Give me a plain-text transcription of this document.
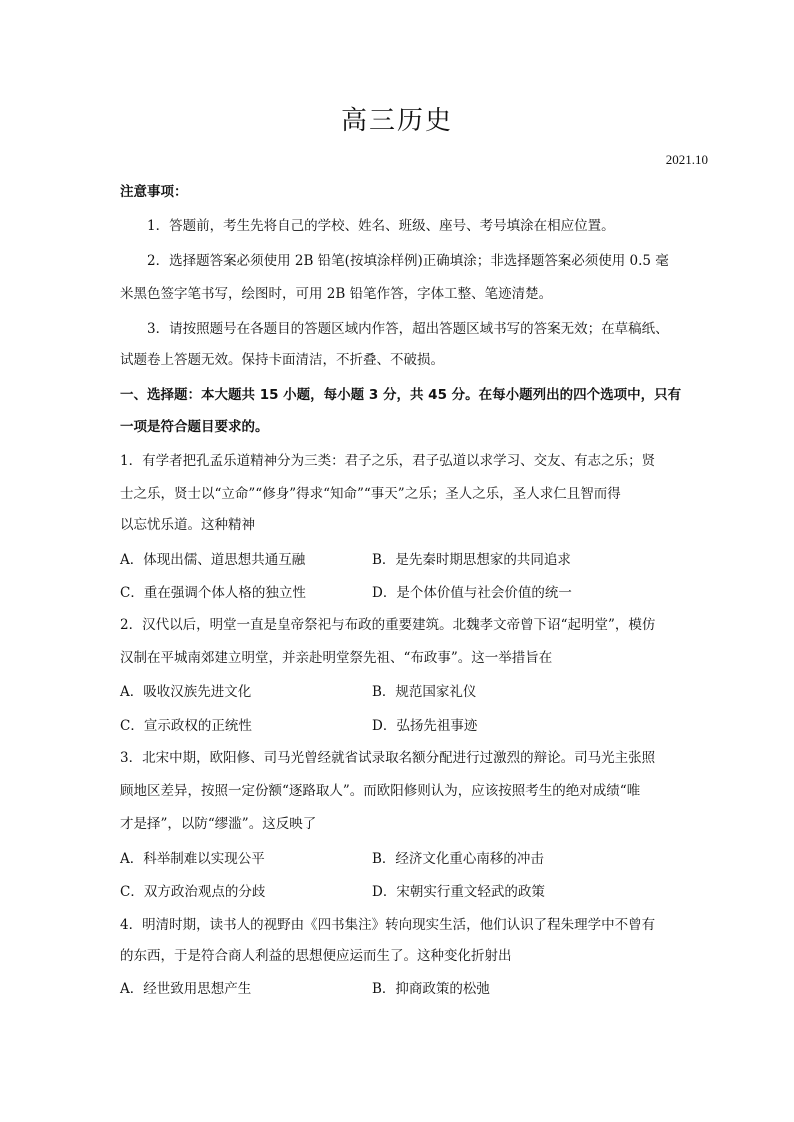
高三历史
2021.10
注意事项：
1．答题前，考生先将自己的学校、姓名、班级、座号、考号填涂在相应位置。
2．选择题答案必须使用 2B 铅笔(按填涂样例)正确填涂；非选择题答案必须使用 0.5 毫
米黑色签字笔书写，绘图时，可用 2B 铅笔作答，字体工整、笔迹清楚。
3．请按照题号在各题目的答题区域内作答，超出答题区域书写的答案无效；在草稿纸、
试题卷上答题无效。保持卡面清洁，不折叠、不破损。
一、选择题：本大题共 15 小题，每小题 3 分，共 45 分。在每小题列出的四个选项中，只有
一项是符合题目要求的。
1．有学者把孔孟乐道精神分为三类：君子之乐，君子弘道以求学习、交友、有志之乐；贤
士之乐，贤士以“立命”“修身”得求“知命”“事天”之乐；圣人之乐，圣人求仁且智而得
以忘忧乐道。这种精神
A．体现出儒、道思想共通互融	B．是先秦时期思想家的共同追求
C．重在强调个体人格的独立性	D．是个体价值与社会价值的统一
2．汉代以后，明堂一直是皇帝祭祀与布政的重要建筑。北魏孝文帝曾下诏“起明堂”，模仿
汉制在平城南郊建立明堂，并亲赴明堂祭先祖、“布政事”。这一举措旨在
A．吸收汉族先进文化	B．规范国家礼仪
C．宣示政权的正统性	D．弘扬先祖事迹
3．北宋中期，欧阳修、司马光曾经就省试录取名额分配进行过激烈的辩论。司马光主张照
顾地区差异，按照一定份额“逐路取人”。而欧阳修则认为，应该按照考生的绝对成绩“唯
才是择”，以防“缪滥”。这反映了
A．科举制难以实现公平	B．经济文化重心南移的冲击
C．双方政治观点的分歧	D．宋朝实行重文轻武的政策
4．明清时期，读书人的视野由《四书集注》转向现实生活，他们认识了程朱理学中不曾有
的东西，于是符合商人利益的思想便应运而生了。这种变化折射出
A．经世致用思想产生	B．抑商政策的松弛
